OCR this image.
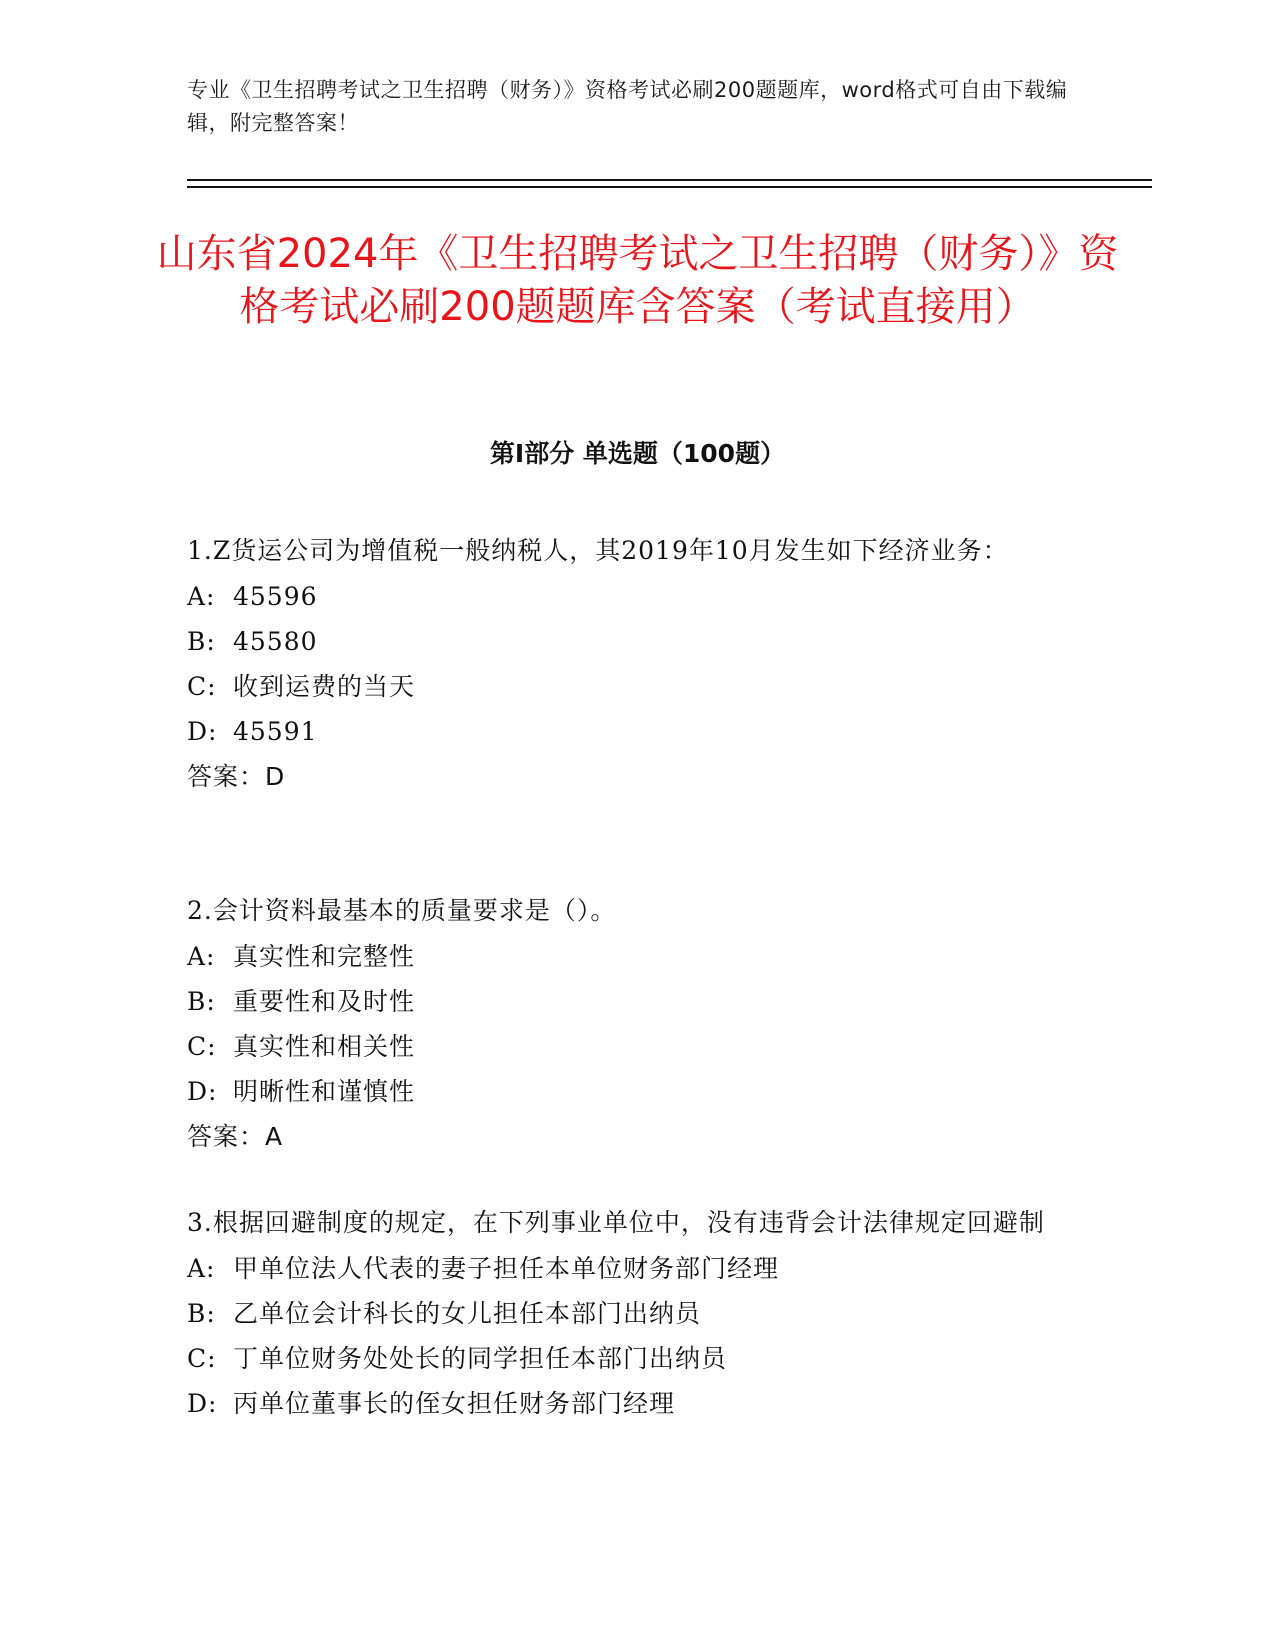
专业《卫生招聘考试之卫生招聘（财务）》资格考试必刷200题题库，word格式可自由下载编辑，附完整答案！
山东省2024年《卫生招聘考试之卫生招聘（财务）》资格考试必刷200题题库含答案（考试直接用）
第I部分 单选题（100题）
1.Z货运公司为增值税一般纳税人，其2019年10月发生如下经济业务：
A: 45596
B: 45580
C: 收到运费的当天
D: 45591
答案：D
2.会计资料最基本的质量要求是（）。
A: 真实性和完整性
B: 重要性和及时性
C: 真实性和相关性
D: 明晰性和谨慎性
答案：A
3.根据回避制度的规定，在下列事业单位中，没有违背会计法律规定回避制
A: 甲单位法人代表的妻子担任本单位财务部门经理
B: 乙单位会计科长的女儿担任本部门出纳员
C: 丁单位财务处处长的同学担任本部门出纳员
D: 丙单位董事长的侄女担任财务部门经理
